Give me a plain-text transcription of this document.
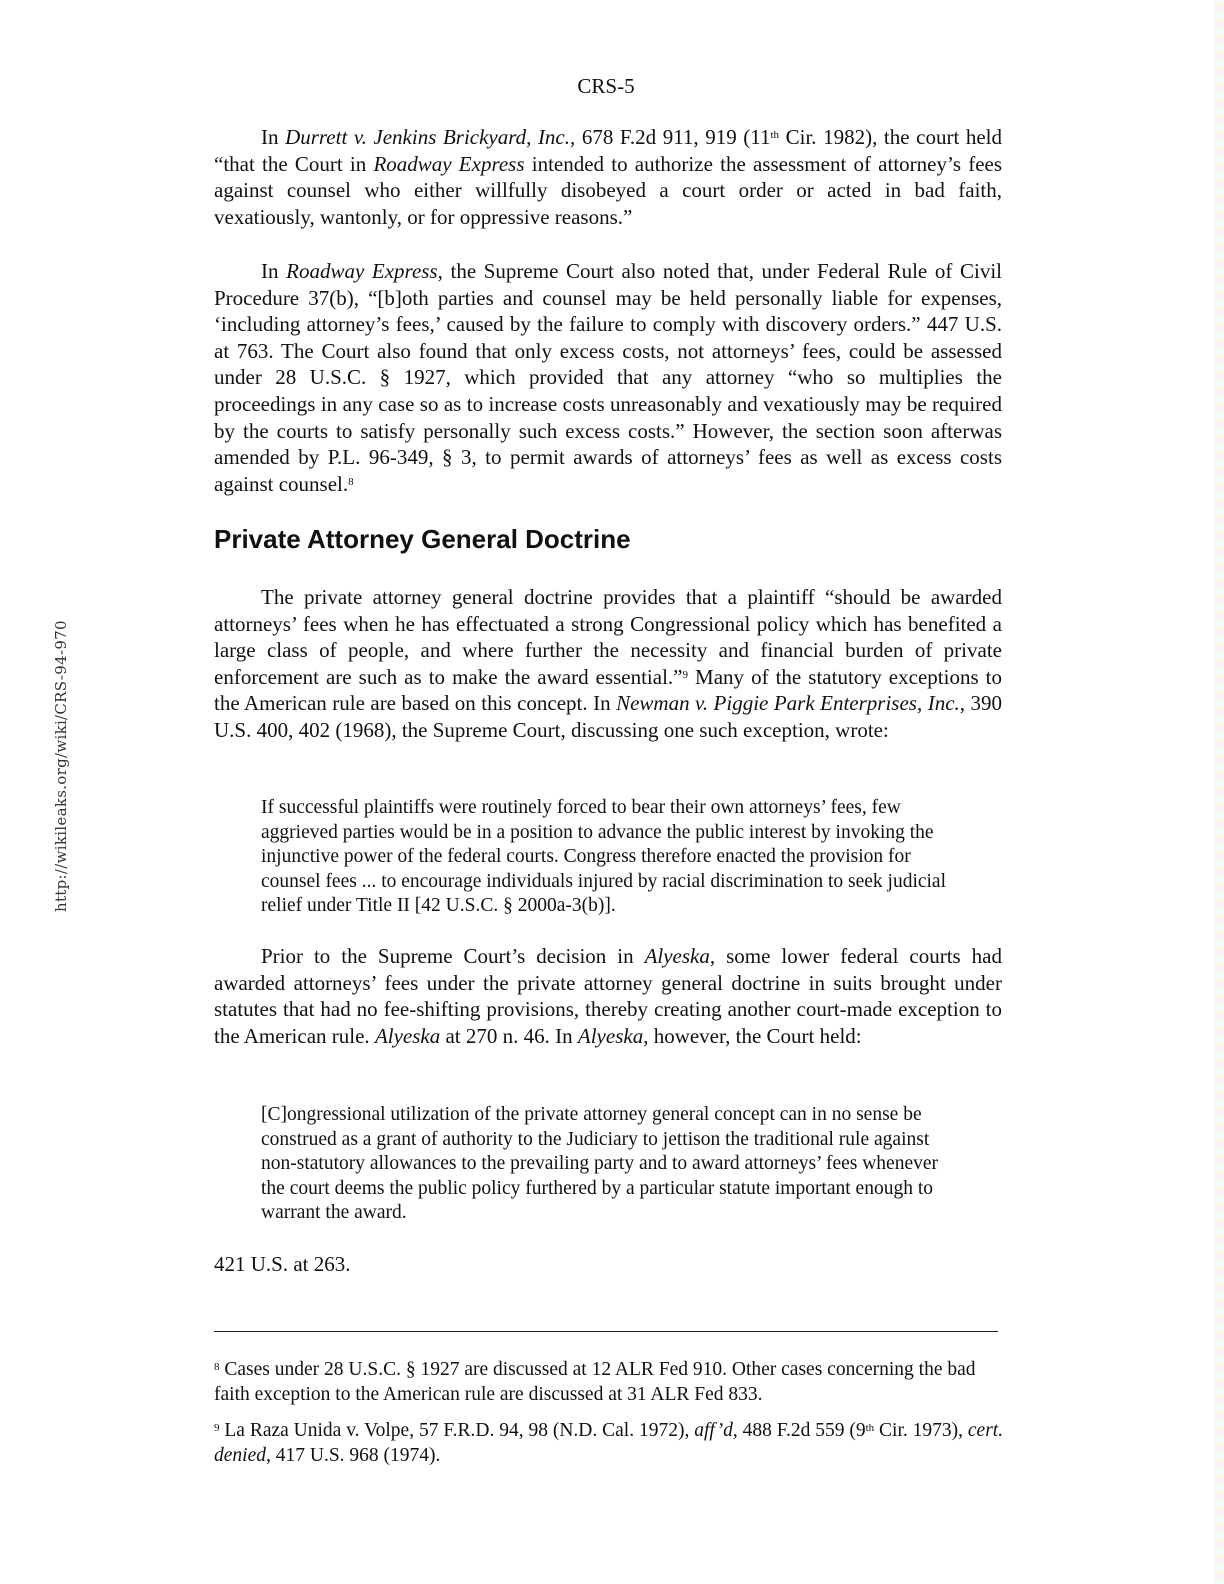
http://wikileaks.org/wiki/CRS-94-970
CRS-5

In Durrett v. Jenkins Brickyard, Inc., 678 F.2d 911, 919 (11th Cir. 1982), the court held “that the Court in Roadway Express intended to authorize the assessment of attorney’s fees against counsel who either willfully disobeyed a court order or acted in bad faith, vexatiously, wantonly, or for oppressive reasons.”

In Roadway Express, the Supreme Court also noted that, under Federal Rule of Civil Procedure 37(b), “[b]oth parties and counsel may be held personally liable for expenses, ‘including attorney’s fees,’ caused by the failure to comply with discovery orders.” 447 U.S. at 763. The Court also found that only excess costs, not attorneys’ fees, could be assessed under 28 U.S.C. § 1927, which provided that any attorney “who so multiplies the proceedings in any case so as to increase costs unreasonably and vexatiously may be required by the courts to satisfy personally such excess costs.” However, the section soon afterwas amended by P.L. 96-349, § 3, to permit awards of attorneys’ fees as well as excess costs against counsel.$^8$

Private Attorney General Doctrine

The private attorney general doctrine provides that a plaintiff “should be awarded attorneys’ fees when he has effectuated a strong Congressional policy which has benefited a large class of people, and where further the necessity and financial burden of private enforcement are such as to make the award essential.”$^9$ Many of the statutory exceptions to the American rule are based on this concept. In Newman v. Piggie Park Enterprises, Inc., 390 U.S. 400, 402 (1968), the Supreme Court, discussing one such exception, wrote:

If successful plaintiffs were routinely forced to bear their own attorneys’ fees, few aggrieved parties would be in a position to advance the public interest by invoking the injunctive power of the federal courts. Congress therefore enacted the provision for counsel fees ... to encourage individuals injured by racial discrimination to seek judicial relief under Title II [42 U.S.C. § 2000a-3(b)].

Prior to the Supreme Court’s decision in Alyeska, some lower federal courts had awarded attorneys’ fees under the private attorney general doctrine in suits brought under statutes that had no fee-shifting provisions, thereby creating another court-made exception to the American rule. Alyeska at 270 n. 46. In Alyeska, however, the Court held:

[C]ongressional utilization of the private attorney general concept can in no sense be construed as a grant of authority to the Judiciary to jettison the traditional rule against non-statutory allowances to the prevailing party and to award attorneys’ fees whenever the court deems the public policy furthered by a particular statute important enough to warrant the award.
421 U.S. at 263.
$^8$ Cases under 28 U.S.C. § 1927 are discussed at 12 ALR Fed 910. Other cases concerning the bad faith exception to the American rule are discussed at 31 ALR Fed 833.
$^9$ La Raza Unida v. Volpe, 57 F.R.D. 94, 98 (N.D. Cal. 1972), aff’d, 488 F.2d 559 (9th Cir. 1973), cert. denied, 417 U.S. 968 (1974).
